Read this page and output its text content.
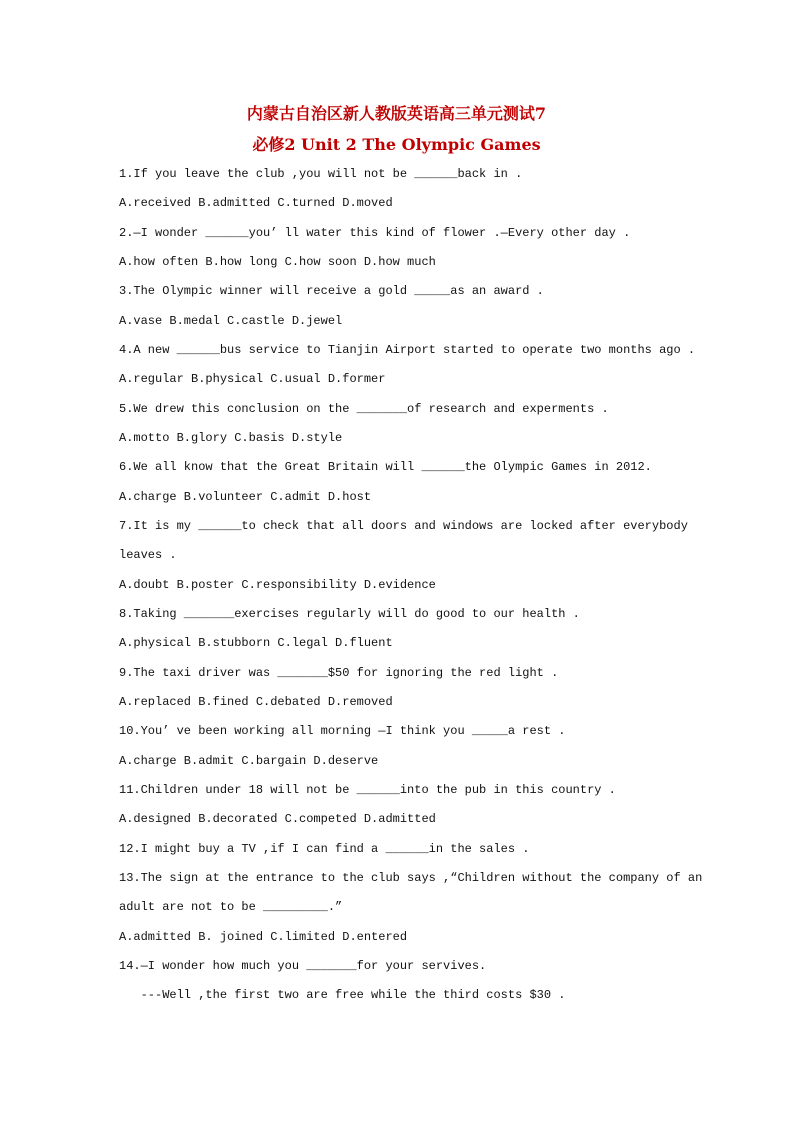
内蒙古自治区新人教版英语高三单元测试7
必修2 Unit 2 The Olympic Games
1.If you leave the club ,you will not be ______back in .
A.received B.admitted C.turned D.moved
2.—I wonder ______you’ ll water this kind of flower .—Every other day .
A.how often B.how long C.how soon D.how much
3.The Olympic winner will receive a gold _____as an award .
A.vase B.medal C.castle D.jewel
4.A new ______bus service to Tianjin Airport started to operate two months ago .
A.regular B.physical C.usual D.former
5.We drew this conclusion on the _______of research and experments .
A.motto B.glory C.basis D.style
6.We all know that the Great Britain will ______the Olympic Games in 2012.
A.charge B.volunteer C.admit D.host
7.It is my ______to check that all doors and windows are locked after everybody
leaves .
A.doubt B.poster C.responsibility D.evidence
8.Taking _______exercises regularly will do good to our health .
A.physical B.stubborn C.legal D.fluent
9.The taxi driver was _______$50 for ignoring the red light .
A.replaced B.fined C.debated D.removed
10.You’ ve been working all morning —I think you _____a rest .
A.charge B.admit C.bargain D.deserve
11.Children under 18 will not be ______into the pub in this country .
A.designed B.decorated C.competed D.admitted
12.I might buy a TV ,if I can find a ______in the sales .
13.The sign at the entrance to the club says ,“Children without the company of an
adult are not to be _________.”
A.admitted B. joined C.limited D.entered
14.—I wonder how much you _______for your servives.
---Well ,the first two are free while the third costs $30 .
